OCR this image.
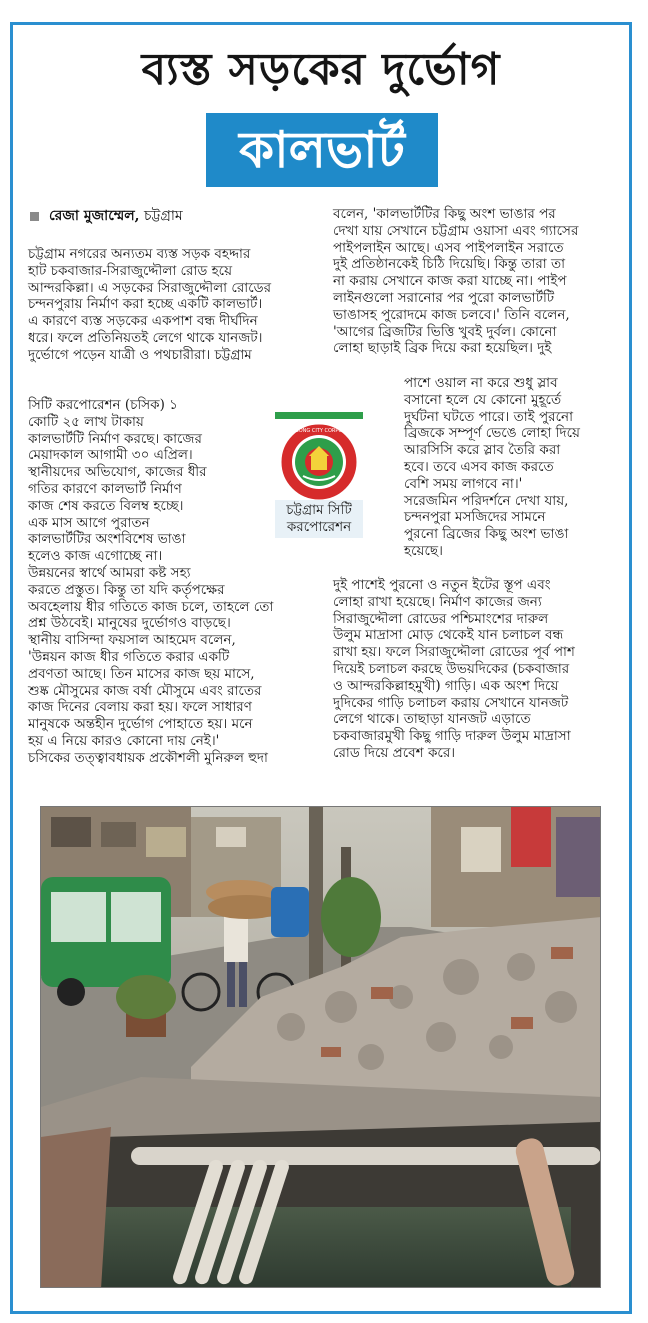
ব্যস্ত সড়কের দুর্ভোগ
কালভার্ট
রেজা মুজাম্মেল, চট্টগ্রাম

চট্টগ্রাম নগরের অন্যতম ব্যস্ত সড়ক বহদ্দার
হাট চকবাজার-সিরাজুদ্দৌলা রোড হয়ে
আন্দরকিল্লা। এ সড়কের সিরাজুদ্দৌলা রোডের
চন্দনপুরায় নির্মাণ করা হচ্ছে একটি কালভার্ট।
এ কারণে ব্যস্ত সড়কের একপাশ বন্ধ দীর্ঘদিন
ধরে। ফলে প্রতিনিয়তই লেগে থাকে যানজট।
দুর্ভোগে পড়েন যাত্রী ও পথচারীরা। চট্টগ্রাম

সিটি করপোরেশন (চসিক) ১
কোটি ২৫ লাখ টাকায়
কালভার্টটি নির্মাণ করছে। কাজের
মেয়াদকাল আগামী ৩০ এপ্রিল।
স্থানীয়দের অভিযোগ, কাজের ধীর
গতির কারণে কালভার্ট নির্মাণ
কাজ শেষ করতে বিলম্ব হচ্ছে।
এক মাস আগে পুরাতন
কালভার্টটির অংশবিশেষ ভাঙা
হলেও কাজ এগোচ্ছে না।

উন্নয়নের স্বার্থে আমরা কষ্ট সহ্য
করতে প্রস্তুত। কিন্তু তা যদি কর্তৃপক্ষের
অবহেলায় ধীর গতিতে কাজ চলে, তাহলে তো
প্রশ্ন উঠবেই। মানুষের দুর্ভোগও বাড়ছে।
স্থানীয় বাসিন্দা ফয়সাল আহমেদ বলেন,
'উন্নয়ন কাজ ধীর গতিতে করার একটি
প্রবণতা আছে। তিন মাসের কাজ ছয় মাসে,
শুষ্ক মৌসুমের কাজ বর্ষা মৌসুমে এবং রাতের
কাজ দিনের বেলায় করা হয়। ফলে সাধারণ
মানুষকে অন্তহীন দুর্ভোগ পোহাতে হয়। মনে
হয় এ নিয়ে কারও কোনো দায় নেই।'
চসিকের তত্ত্বাবধায়ক প্রকৌশলী মুনিরুল হুদা

CHITTAGONG CITY CORPORATION
চট্টগ্রাম সিটি
করপোরেশন

বলেন, 'কালভার্টটির কিছু অংশ ভাঙার পর
দেখা যায় সেখানে চট্টগ্রাম ওয়াসা এবং গ্যাসের
পাইপলাইন আছে। এসব পাইপলাইন সরাতে
দুই প্রতিষ্ঠানকেই চিঠি দিয়েছি। কিন্তু তারা তা
না করায় সেখানে কাজ করা যাচ্ছে না। পাইপ
লাইনগুলো সরানোর পর পুরো কালভার্টটি
ভাঙাসহ পুরোদমে কাজ চলবে।' তিনি বলেন,
'আগের ব্রিজটির ভিত্তি খুবই দুর্বল। কোনো
লোহা ছাড়াই ব্রিক দিয়ে করা হয়েছিল। দুই

পাশে ওয়াল না করে শুধু স্লাব
বসানো হলে যে কোনো মুহূর্তে
দুর্ঘটনা ঘটতে পারে। তাই পুরনো
ব্রিজকে সম্পূর্ণ ভেঙে লোহা দিয়ে
আরসিসি করে স্লাব তৈরি করা
হবে। তবে এসব কাজ করতে
বেশি সময় লাগবে না।'
সরেজমিন পরিদর্শনে দেখা যায়,
চন্দনপুরা মসজিদের সামনে
পুরনো ব্রিজের কিছু অংশ ভাঙা
হয়েছে।

দুই পাশেই পুরনো ও নতুন ইটের স্তূপ এবং
লোহা রাখা হয়েছে। নির্মাণ কাজের জন্য
সিরাজুদ্দৌলা রোডের পশ্চিমাংশের দারুল
উলুম মাদ্রাসা মোড় থেকেই যান চলাচল বন্ধ
রাখা হয়। ফলে সিরাজুদ্দৌলা রোডের পূর্ব পাশ
দিয়েই চলাচল করছে উভয়দিকের (চকবাজার
ও আন্দরকিল্লাহমুখী) গাড়ি। এক অংশ দিয়ে
দুদিকের গাড়ি চলাচল করায় সেখানে যানজট
লেগে থাকে। তাছাড়া যানজট এড়াতে
চকবাজারমুখী কিছু গাড়ি দারুল উলুম মাদ্রাসা
রোড দিয়ে প্রবেশ করে।
